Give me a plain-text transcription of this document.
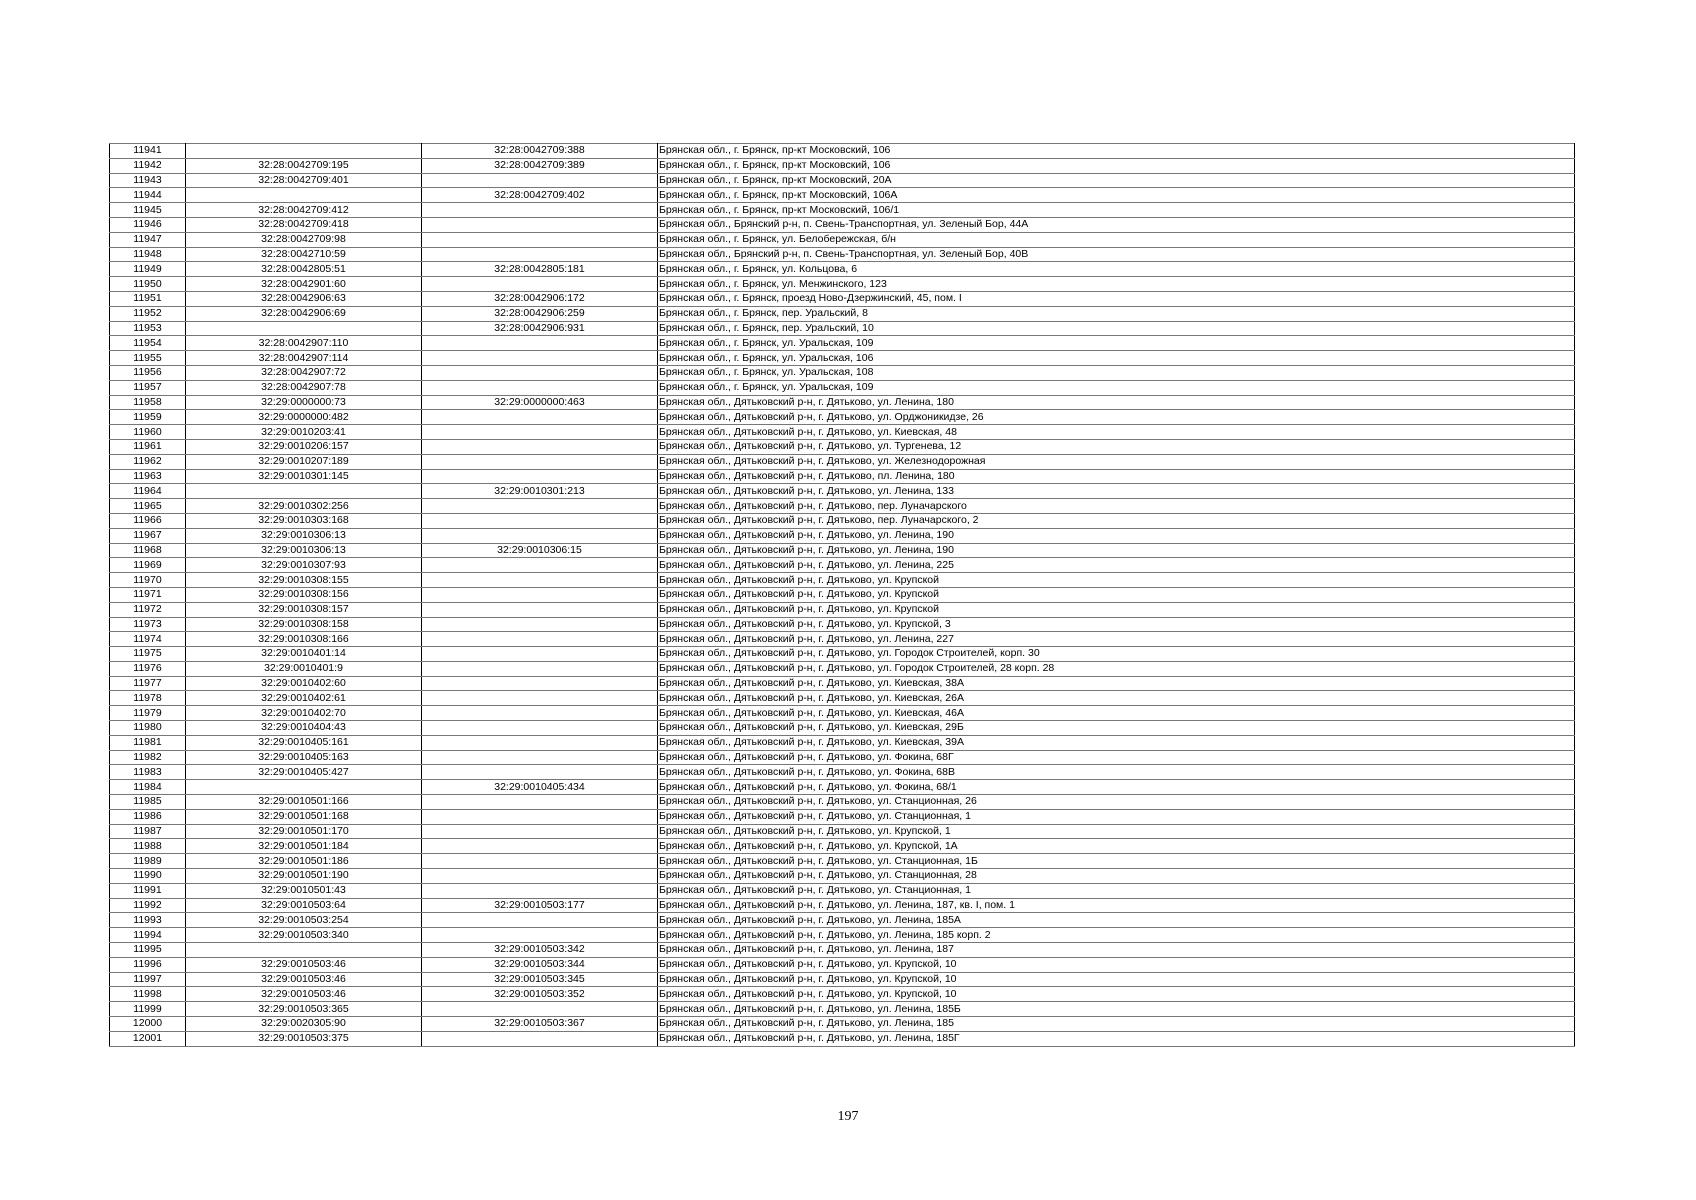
11941		32:28:0042709:388	Брянская обл., г. Брянск, пр-кт Московский, 106
11942	32:28:0042709:195	32:28:0042709:389	Брянская обл., г. Брянск, пр-кт Московский, 106
11943	32:28:0042709:401		Брянская обл., г. Брянск, пр-кт Московский, 20А
11944		32:28:0042709:402	Брянская обл., г. Брянск, пр-кт Московский, 106А
11945	32:28:0042709:412		Брянская обл., г. Брянск, пр-кт Московский, 106/1
11946	32:28:0042709:418		Брянская обл., Брянский р-н, п. Свень-Транспортная, ул. Зеленый Бор, 44А
11947	32:28:0042709:98		Брянская обл., г. Брянск, ул. Белобережская, б/н
11948	32:28:0042710:59		Брянская обл., Брянский р-н, п. Свень-Транспортная, ул. Зеленый Бор, 40В
11949	32:28:0042805:51	32:28:0042805:181	Брянская обл., г. Брянск, ул. Кольцова, 6
11950	32:28:0042901:60		Брянская обл., г. Брянск, ул. Менжинского, 123
11951	32:28:0042906:63	32:28:0042906:172	Брянская обл., г. Брянск, проезд Ново-Дзержинский, 45, пом. I
11952	32:28:0042906:69	32:28:0042906:259	Брянская обл., г. Брянск, пер. Уральский, 8
11953		32:28:0042906:931	Брянская обл., г. Брянск, пер. Уральский, 10
11954	32:28:0042907:110		Брянская обл., г. Брянск, ул. Уральская, 109
11955	32:28:0042907:114		Брянская обл., г. Брянск, ул. Уральская, 106
11956	32:28:0042907:72		Брянская обл., г. Брянск, ул. Уральская, 108
11957	32:28:0042907:78		Брянская обл., г. Брянск, ул. Уральская, 109
11958	32:29:0000000:73	32:29:0000000:463	Брянская обл., Дятьковский р-н, г. Дятьково, ул. Ленина, 180
11959	32:29:0000000:482		Брянская обл., Дятьковский р-н, г. Дятьково, ул. Орджоникидзе, 26
11960	32:29:0010203:41		Брянская обл., Дятьковский р-н, г. Дятьково, ул. Киевская, 48
11961	32:29:0010206:157		Брянская обл., Дятьковский р-н, г. Дятьково, ул. Тургенева, 12
11962	32:29:0010207:189		Брянская обл., Дятьковский р-н, г. Дятьково, ул. Железнодорожная
11963	32:29:0010301:145		Брянская обл., Дятьковский р-н, г. Дятьково, пл. Ленина, 180
11964		32:29:0010301:213	Брянская обл., Дятьковский р-н, г. Дятьково, ул. Ленина, 133
11965	32:29:0010302:256		Брянская обл., Дятьковский р-н, г. Дятьково, пер. Луначарского
11966	32:29:0010303:168		Брянская обл., Дятьковский р-н, г. Дятьково, пер. Луначарского, 2
11967	32:29:0010306:13		Брянская обл., Дятьковский р-н, г. Дятьково, ул. Ленина, 190
11968	32:29:0010306:13	32:29:0010306:15	Брянская обл., Дятьковский р-н, г. Дятьково, ул. Ленина, 190
11969	32:29:0010307:93		Брянская обл., Дятьковский р-н, г. Дятьково, ул. Ленина, 225
11970	32:29:0010308:155		Брянская обл., Дятьковский р-н, г. Дятьково, ул. Крупской
11971	32:29:0010308:156		Брянская обл., Дятьковский р-н, г. Дятьково, ул. Крупской
11972	32:29:0010308:157		Брянская обл., Дятьковский р-н, г. Дятьково, ул. Крупской
11973	32:29:0010308:158		Брянская обл., Дятьковский р-н, г. Дятьково, ул. Крупской, 3
11974	32:29:0010308:166		Брянская обл., Дятьковский р-н, г. Дятьково, ул. Ленина, 227
11975	32:29:0010401:14		Брянская обл., Дятьковский р-н, г. Дятьково, ул. Городок Строителей, корп. 30
11976	32:29:0010401:9		Брянская обл., Дятьковский р-н, г. Дятьково, ул. Городок Строителей, 28 корп. 28
11977	32:29:0010402:60		Брянская обл., Дятьковский р-н, г. Дятьково, ул. Киевская, 38А
11978	32:29:0010402:61		Брянская обл., Дятьковский р-н, г. Дятьково, ул. Киевская, 26А
11979	32:29:0010402:70		Брянская обл., Дятьковский р-н, г. Дятьково, ул. Киевская, 46А
11980	32:29:0010404:43		Брянская обл., Дятьковский р-н, г. Дятьково, ул. Киевская, 29Б
11981	32:29:0010405:161		Брянская обл., Дятьковский р-н, г. Дятьково, ул. Киевская, 39А
11982	32:29:0010405:163		Брянская обл., Дятьковский р-н, г. Дятьково, ул. Фокина, 68Г
11983	32:29:0010405:427		Брянская обл., Дятьковский р-н, г. Дятьково, ул. Фокина, 68В
11984		32:29:0010405:434	Брянская обл., Дятьковский р-н, г. Дятьково, ул. Фокина, 68/1
11985	32:29:0010501:166		Брянская обл., Дятьковский р-н, г. Дятьково, ул. Станционная, 26
11986	32:29:0010501:168		Брянская обл., Дятьковский р-н, г. Дятьково, ул. Станционная, 1
11987	32:29:0010501:170		Брянская обл., Дятьковский р-н, г. Дятьково, ул. Крупской, 1
11988	32:29:0010501:184		Брянская обл., Дятьковский р-н, г. Дятьково, ул. Крупской, 1А
11989	32:29:0010501:186		Брянская обл., Дятьковский р-н, г. Дятьково, ул. Станционная, 1Б
11990	32:29:0010501:190		Брянская обл., Дятьковский р-н, г. Дятьково, ул. Станционная, 28
11991	32:29:0010501:43		Брянская обл., Дятьковский р-н, г. Дятьково, ул. Станционная, 1
11992	32:29:0010503:64	32:29:0010503:177	Брянская обл., Дятьковский р-н, г. Дятьково, ул. Ленина, 187, кв. I, пом. 1
11993	32:29:0010503:254		Брянская обл., Дятьковский р-н, г. Дятьково, ул. Ленина, 185А
11994	32:29:0010503:340		Брянская обл., Дятьковский р-н, г. Дятьково, ул. Ленина, 185 корп. 2
11995		32:29:0010503:342	Брянская обл., Дятьковский р-н, г. Дятьково, ул. Ленина, 187
11996	32:29:0010503:46	32:29:0010503:344	Брянская обл., Дятьковский р-н, г. Дятьково, ул. Крупской, 10
11997	32:29:0010503:46	32:29:0010503:345	Брянская обл., Дятьковский р-н, г. Дятьково, ул. Крупской, 10
11998	32:29:0010503:46	32:29:0010503:352	Брянская обл., Дятьковский р-н, г. Дятьково, ул. Крупской, 10
11999	32:29:0010503:365		Брянская обл., Дятьковский р-н, г. Дятьково, ул. Ленина, 185Б
12000	32:29:0020305:90	32:29:0010503:367	Брянская обл., Дятьковский р-н, г. Дятьково, ул. Ленина, 185
12001	32:29:0010503:375		Брянская обл., Дятьковский р-н, г. Дятьково, ул. Ленина, 185Г
197
